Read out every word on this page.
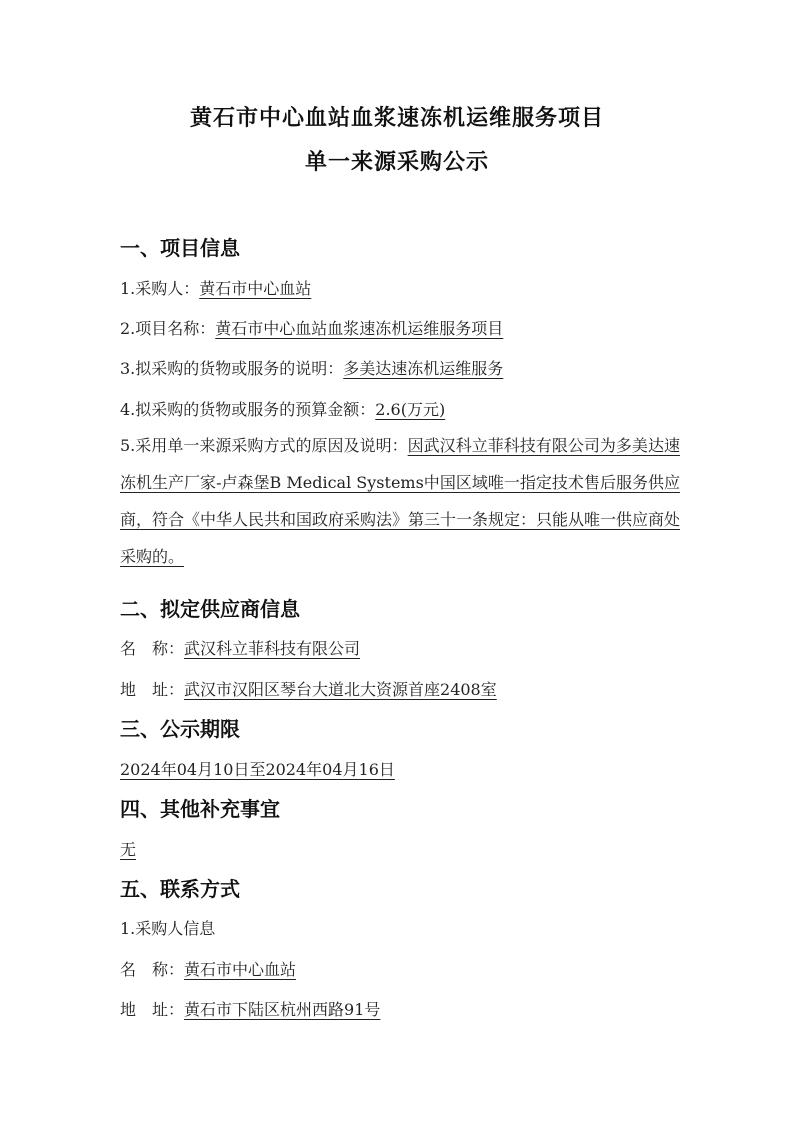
黄石市中心血站血浆速冻机运维服务项目
单一来源采购公示
一、项目信息
1.采购人：黄石市中心血站
2.项目名称：黄石市中心血站血浆速冻机运维服务项目
3.拟采购的货物或服务的说明：多美达速冻机运维服务
4.拟采购的货物或服务的预算金额：2.6(万元)
5.采用单一来源采购方式的原因及说明：因武汉科立菲科技有限公司为多美达速冻机生产厂家-卢森堡B Medical Systems中国区域唯一指定技术售后服务供应商，符合《中华人民共和国政府采购法》第三十一条规定：只能从唯一供应商处采购的。
二、拟定供应商信息
名　称：武汉科立菲科技有限公司
地　址：武汉市汉阳区琴台大道北大资源首座2408室
三、公示期限
2024年04月10日至2024年04月16日
四、其他补充事宜
无
五、联系方式
1.采购人信息
名　称：黄石市中心血站
地　址：黄石市下陆区杭州西路91号
